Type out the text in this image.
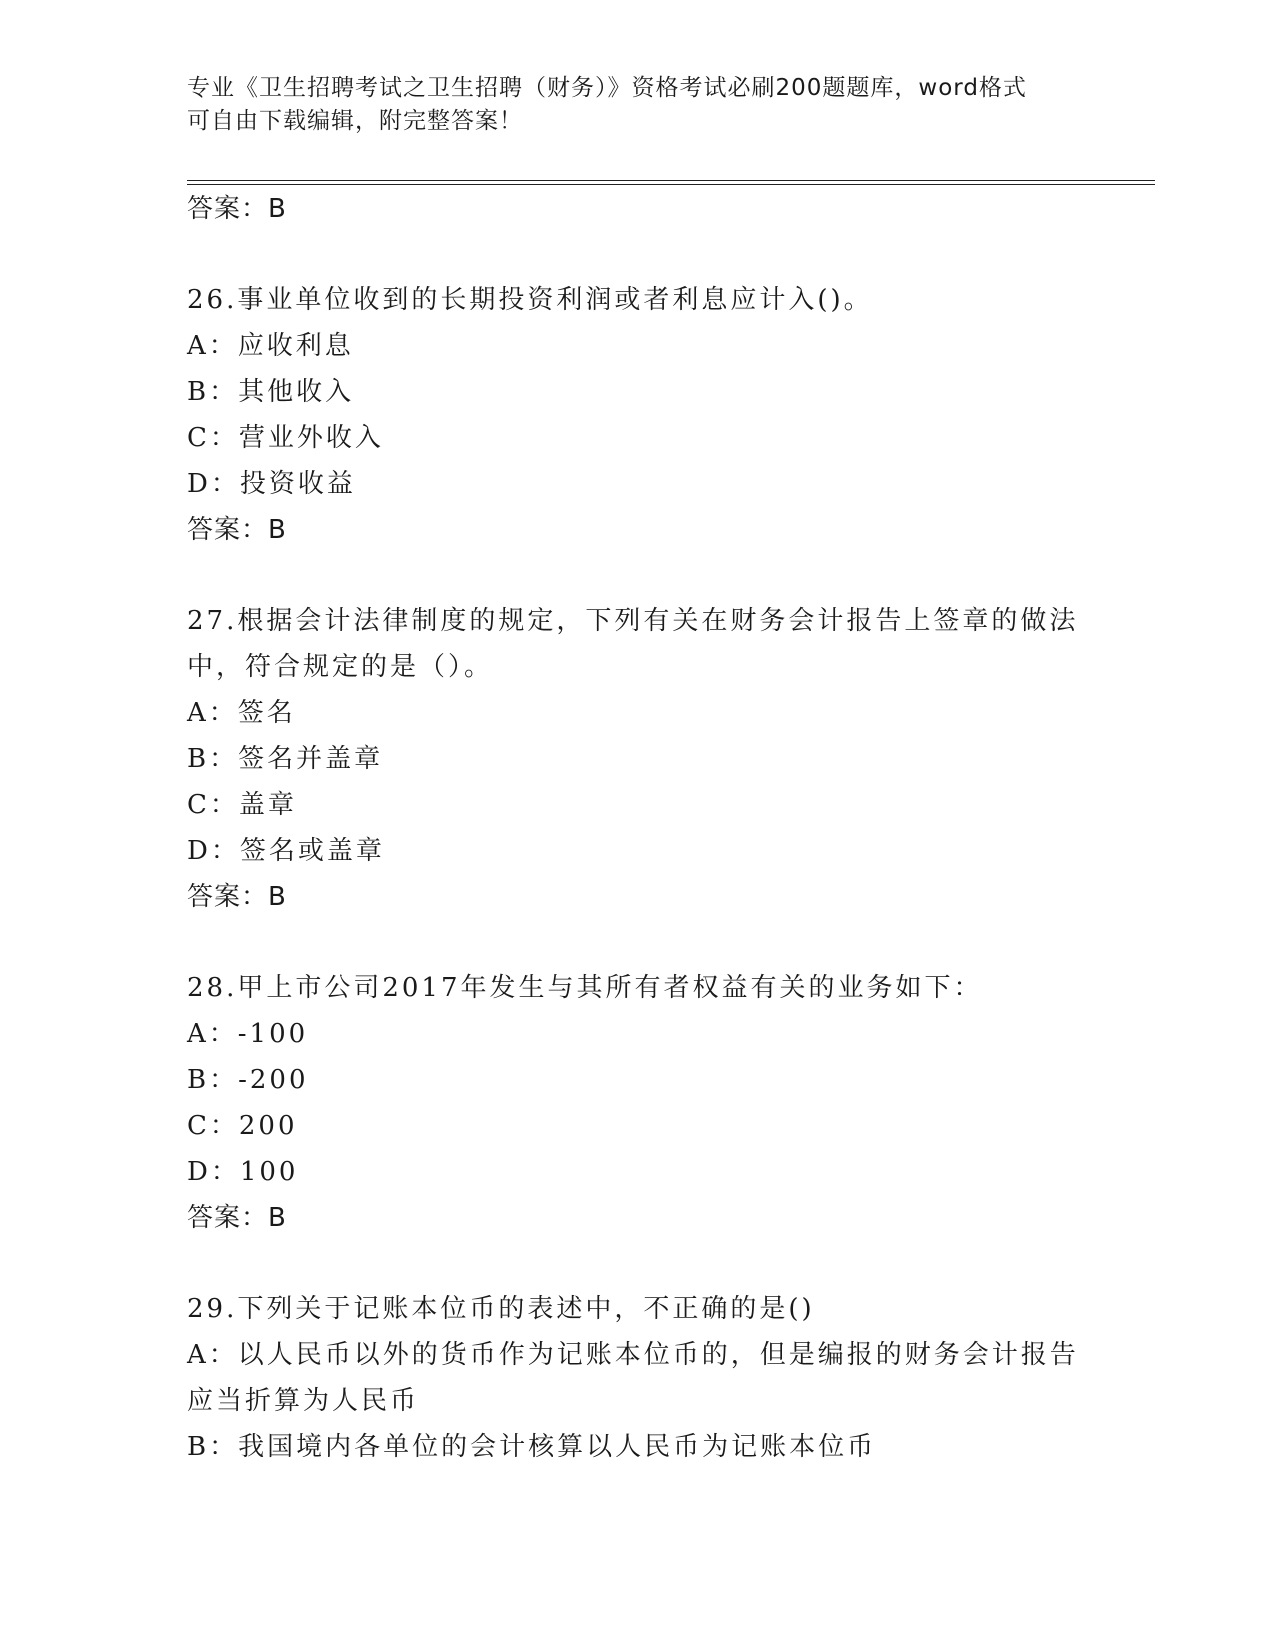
专业《卫生招聘考试之卫生招聘（财务）》资格考试必刷200题题库，word格式
可自由下载编辑，附完整答案！
答案：B
26.事业单位收到的长期投资利润或者利息应计入()。
A：应收利息
B：其他收入
C：营业外收入
D：投资收益
答案：B
27.根据会计法律制度的规定，下列有关在财务会计报告上签章的做法
中，符合规定的是（）。
A：签名
B：签名并盖章
C：盖章
D：签名或盖章
答案：B
28.甲上市公司2017年发生与其所有者权益有关的业务如下：
A：-100
B：-200
C：200
D：100
答案：B
29.下列关于记账本位币的表述中，不正确的是()
A：以人民币以外的货币作为记账本位币的，但是编报的财务会计报告
应当折算为人民币
B：我国境内各单位的会计核算以人民币为记账本位币
